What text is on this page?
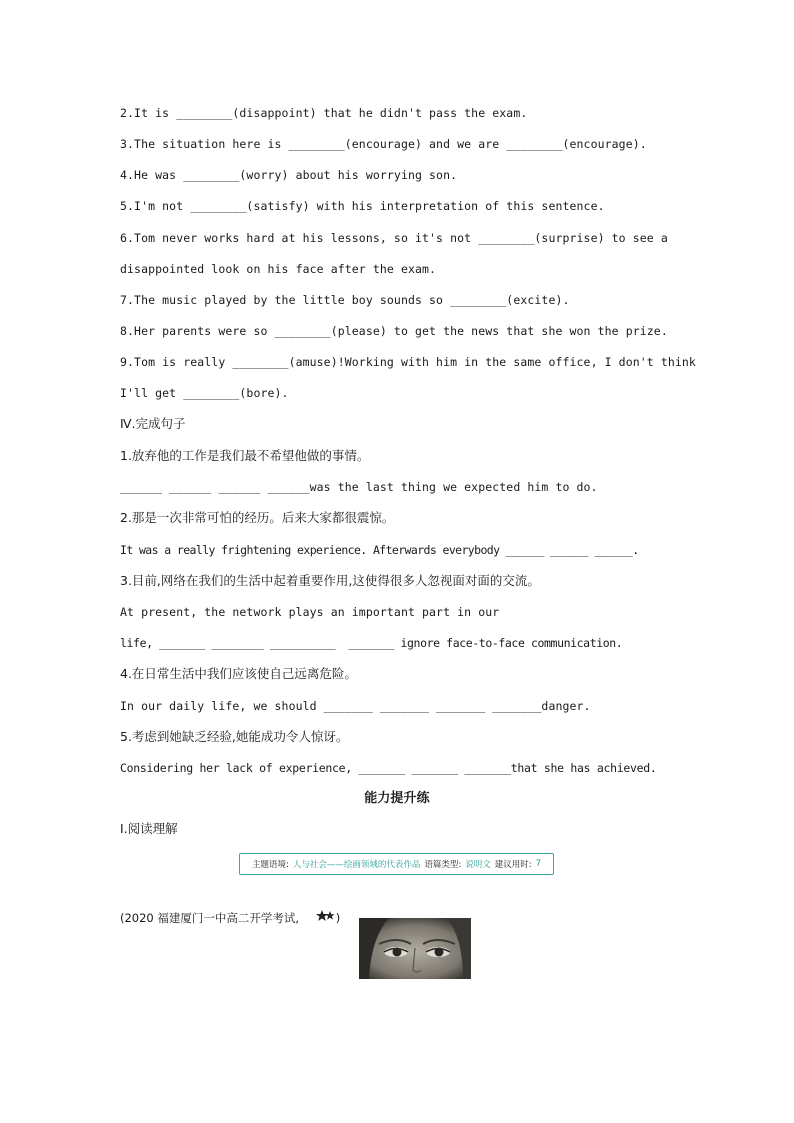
2.It is ________(disappoint) that he didn't pass the exam.
3.The situation here is ________(encourage) and we are ________(encourage).
4.He was ________(worry) about his worrying son.
5.I'm not ________(satisfy) with his interpretation of this sentence.
6.Tom never works hard at his lessons, so it's not ________(surprise) to see a
disappointed look on his face after the exam.
7.The music played by the little boy sounds so ________(excite).
8.Her parents were so ________(please) to get the news that she won the prize.
9.Tom is really ________(amuse)!Working with him in the same office, I don't think
I'll get ________(bore).
Ⅳ.完成句子
1.放弃他的工作是我们最不希望他做的事情。
______ ______ ______ ______was the last thing we expected him to do.
2.那是一次非常可怕的经历。后来大家都很震惊。
It was a really frightening experience. Afterwards everybody ______ ______ ______.
3.目前,网络在我们的生活中起着重要作用,这使得很多人忽视面对面的交流。
At present, the network plays an important part in our
life, _______ ________ __________  _______ ignore face-to-face communication.
4.在日常生活中我们应该使自己远离危险。
In our daily life, we should _______ _______ _______ _______danger.
5.考虑到她缺乏经验,她能成功令人惊讶。
Considering her lack of experience, _______ _______ _______that she has achieved.
能力提升练
Ⅰ.阅读理解
主题语境: 人与社会——绘画领域的代表作品 语篇类型: 说明文 建议用时: 7
(2020 福建厦门一中高二开学考试,

	)
